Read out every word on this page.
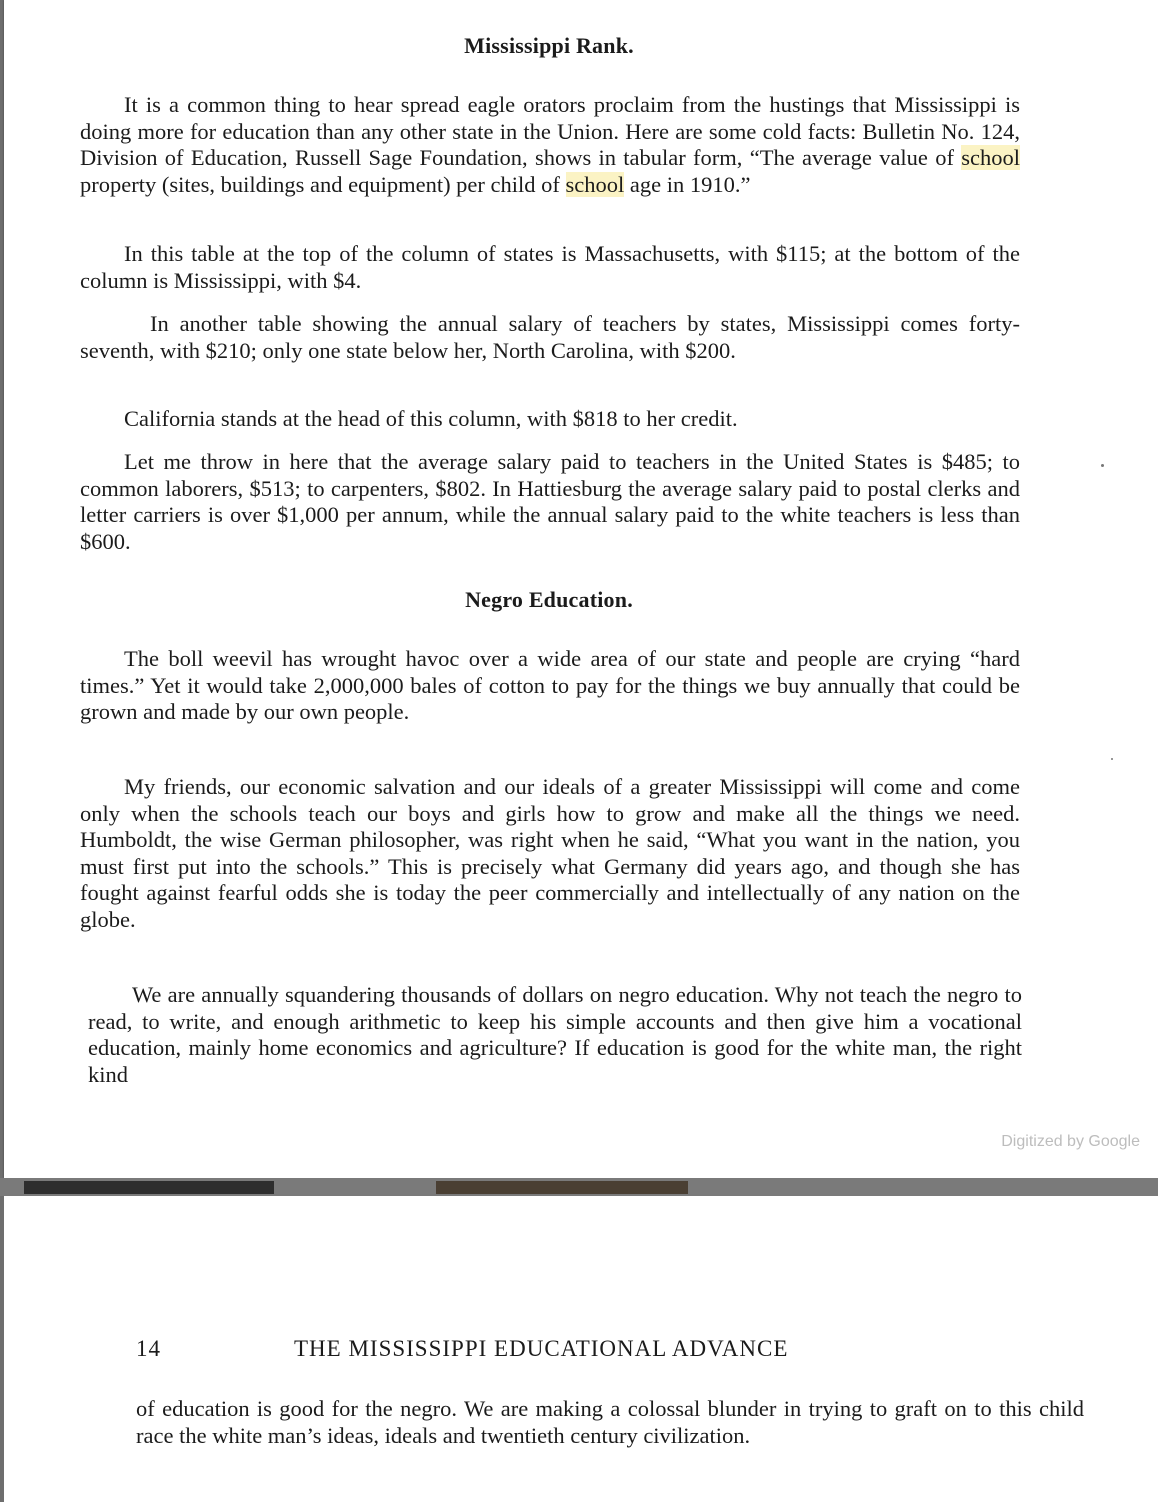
Mississippi Rank.

It is a common thing to hear spread eagle orators proclaim from the hustings that Mississippi is doing more for education than any other state in the Union. Here are some cold facts: Bulletin No. 124, Division of Education, Russell Sage Foundation, shows in tabular form, “The average value of school property (sites, buildings and equipment) per child of school age in 1910.”

In this table at the top of the column of states is Massachusetts, with $115; at the bottom of the column is Mississippi, with $4.

In another table showing the annual salary of teachers by states, Mississippi comes forty-seventh, with $210; only one state below her, North Carolina, with $200.

California stands at the head of this column, with $818 to her credit.

Let me throw in here that the average salary paid to teachers in the United States is $485; to common laborers, $513; to carpenters, $802. In Hattiesburg the average salary paid to postal clerks and letter carriers is over $1,000 per annum, while the annual salary paid to the white teachers is less than $600.

Negro Education.

The boll weevil has wrought havoc over a wide area of our state and people are crying “hard times.” Yet it would take 2,000,000 bales of cotton to pay for the things we buy annually that could be grown and made by our own people.

My friends, our economic salvation and our ideals of a greater Mississippi will come and come only when the schools teach our boys and girls how to grow and make all the things we need. Humboldt, the wise German philosopher, was right when he said, “What you want in the nation, you must first put into the schools.” This is precisely what Germany did years ago, and though she has fought against fearful odds she is today the peer commercially and intellectually of any nation on the globe.

We are annually squandering thousands of dollars on negro education. Why not teach the negro to read, to write, and enough arithmetic to keep his simple accounts and then give him a vocational education, mainly home economics and agriculture? If education is good for the white man, the right kind

Digitized by Google
14	THE MISSISSIPPI EDUCATIONAL ADVANCE

of education is good for the negro. We are making a colossal blunder in trying to graft on to this child race the white man’s ideas, ideals and twentieth century civilization.
